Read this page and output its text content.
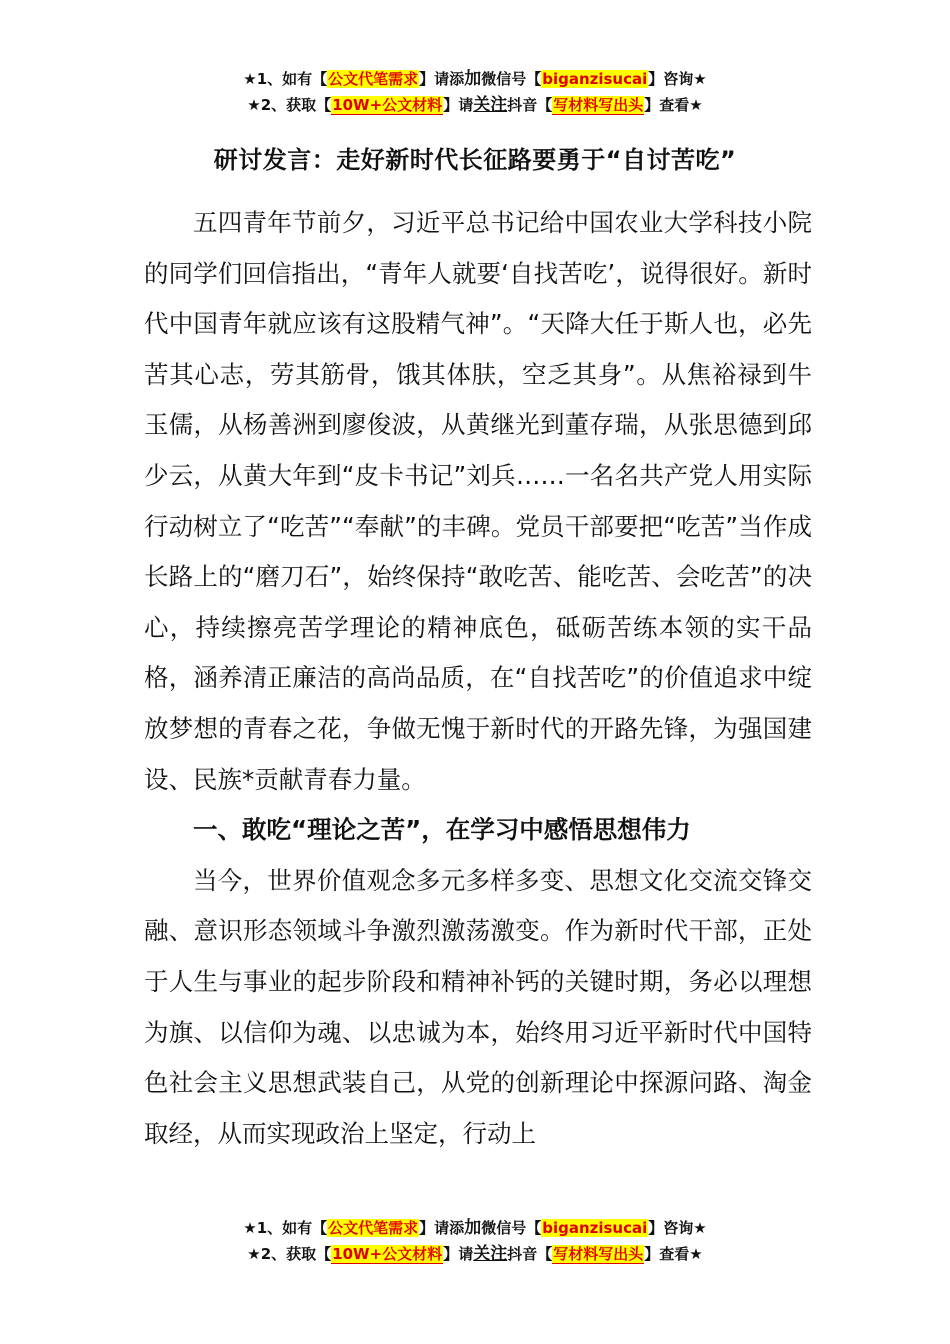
★1、如有【公文代笔需求】请添加微信号【biganzisucai】咨询★
★2、获取【10W+公文材料】请关注抖音【写材料写出头】查看★
研讨发言：走好新时代长征路要勇于“自讨苦吃”

五四青年节前夕，习近平总书记给中国农业大学科技小院的同学们回信指出，“青年人就要‘自找苦吃’，说得很好。新时代中国青年就应该有这股精气神”。“天降大任于斯人也，必先苦其心志，劳其筋骨，饿其体肤，空乏其身”。从焦裕禄到牛玉儒，从杨善洲到廖俊波，从黄继光到董存瑞，从张思德到邱少云，从黄大年到“皮卡书记”刘兵……一名名共产党人用实际行动树立了“吃苦”“奉献”的丰碑。党员干部要把“吃苦”当作成长路上的“磨刀石”，始终保持“敢吃苦、能吃苦、会吃苦”的决心，持续擦亮苦学理论的精神底色，砥砺苦练本领的实干品格，涵养清正廉洁的高尚品质，在“自找苦吃”的价值追求中绽放梦想的青春之花，争做无愧于新时代的开路先锋，为强国建设、民族*贡献青春力量。

一、敢吃“理论之苦”，在学习中感悟思想伟力

当今，世界价值观念多元多样多变、思想文化交流交锋交融、意识形态领域斗争激烈激荡激变。作为新时代干部，正处于人生与事业的起步阶段和精神补钙的关键时期，务必以理想为旗、以信仰为魂、以忠诚为本，始终用习近平新时代中国特色社会主义思想武装自己，从党的创新理论中探源问路、淘金取经，从而实现政治上坚定，行动上

★1、如有【公文代笔需求】请添加微信号【biganzisucai】咨询★
★2、获取【10W+公文材料】请关注抖音【写材料写出头】查看★
